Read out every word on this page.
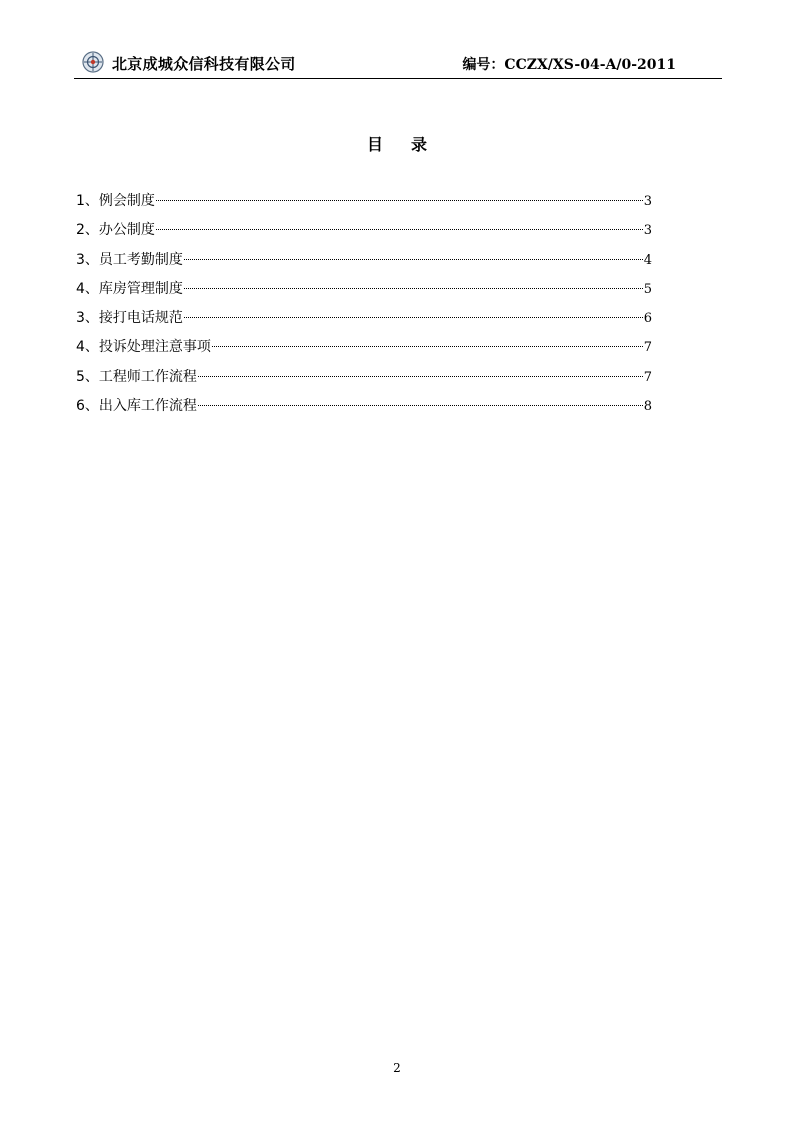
北京成城众信科技有限公司	编号：CCZX/XS-04-A/0-2011
目 录
1、例会制度	3
2、办公制度	3
3、员工考勤制度	4
4、库房管理制度	5
3、接打电话规范	6
4、投诉处理注意事项	7
5、工程师工作流程	7
6、出入库工作流程	8
2
